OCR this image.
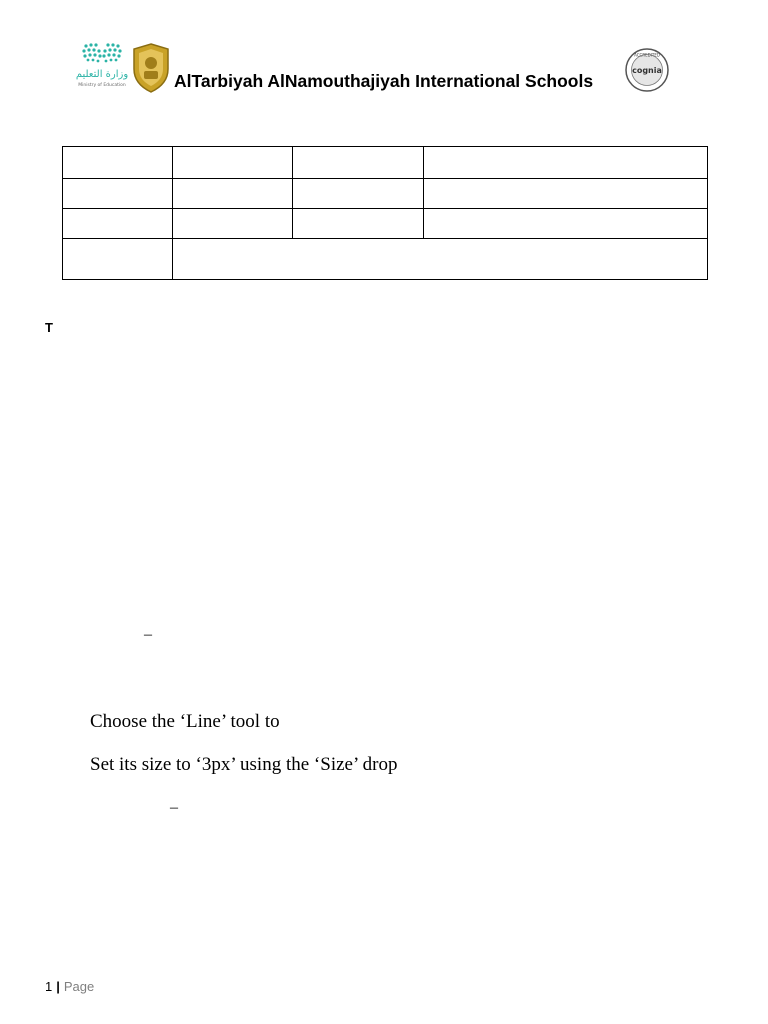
وزارة التعليم
Ministry of Education	AlTarbiyah AlNamouthajiyah International Schools
ACCREDITED
cognia

T
–
Choose the ‘Line’ tool to
Set its size to ‘3px’ using the ‘Size’ drop
–
1 | Page
